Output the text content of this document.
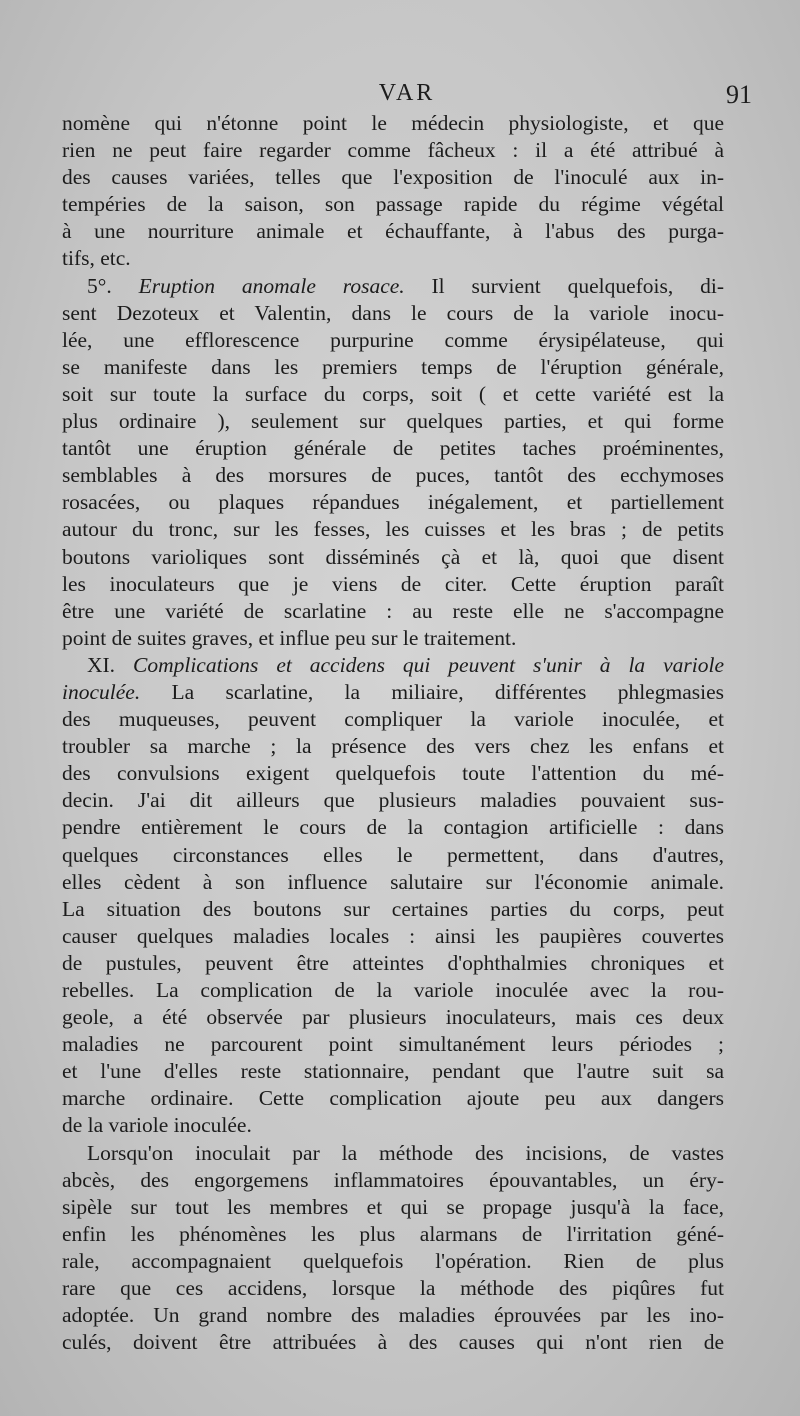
VAR	91
nomène qui n'étonne point le médecin physiologiste, et que
rien ne peut faire regarder comme fâcheux : il a été attribué à
des causes variées, telles que l'exposition de l'inoculé aux in-
tempéries de la saison, son passage rapide du régime végétal
à une nourriture animale et échauffante, à l'abus des purga-
tifs, etc.
5°. Eruption anomale rosace. Il survient quelquefois, di-
sent Dezoteux et Valentin, dans le cours de la variole inocu-
lée, une efflorescence purpurine comme érysipélateuse, qui
se manifeste dans les premiers temps de l'éruption générale,
soit sur toute la surface du corps, soit ( et cette variété est la
plus ordinaire ), seulement sur quelques parties, et qui forme
tantôt une éruption générale de petites taches proéminentes,
semblables à des morsures de puces, tantôt des ecchymoses
rosacées, ou plaques répandues inégalement, et partiellement
autour du tronc, sur les fesses, les cuisses et les bras ; de petits
boutons varioliques sont disséminés çà et là, quoi que disent
les inoculateurs que je viens de citer. Cette éruption paraît
être une variété de scarlatine : au reste elle ne s'accompagne
point de suites graves, et influe peu sur le traitement.
XI. Complications et accidens qui peuvent s'unir à la variole
inoculée. La scarlatine, la miliaire, différentes phlegmasies
des muqueuses, peuvent compliquer la variole inoculée, et
troubler sa marche ; la présence des vers chez les enfans et
des convulsions exigent quelquefois toute l'attention du mé-
decin. J'ai dit ailleurs que plusieurs maladies pouvaient sus-
pendre entièrement le cours de la contagion artificielle : dans
quelques circonstances elles le permettent, dans d'autres,
elles cèdent à son influence salutaire sur l'économie animale.
La situation des boutons sur certaines parties du corps, peut
causer quelques maladies locales : ainsi les paupières couvertes
de pustules, peuvent être atteintes d'ophthalmies chroniques et
rebelles. La complication de la variole inoculée avec la rou-
geole, a été observée par plusieurs inoculateurs, mais ces deux
maladies ne parcourent point simultanément leurs périodes ;
et l'une d'elles reste stationnaire, pendant que l'autre suit sa
marche ordinaire. Cette complication ajoute peu aux dangers
de la variole inoculée.
Lorsqu'on inoculait par la méthode des incisions, de vastes
abcès, des engorgemens inflammatoires épouvantables, un éry-
sipèle sur tout les membres et qui se propage jusqu'à la face,
enfin les phénomènes les plus alarmans de l'irritation géné-
rale, accompagnaient quelquefois l'opération. Rien de plus
rare que ces accidens, lorsque la méthode des piqûres fut
adoptée. Un grand nombre des maladies éprouvées par les ino-
culés, doivent être attribuées à des causes qui n'ont rien de
